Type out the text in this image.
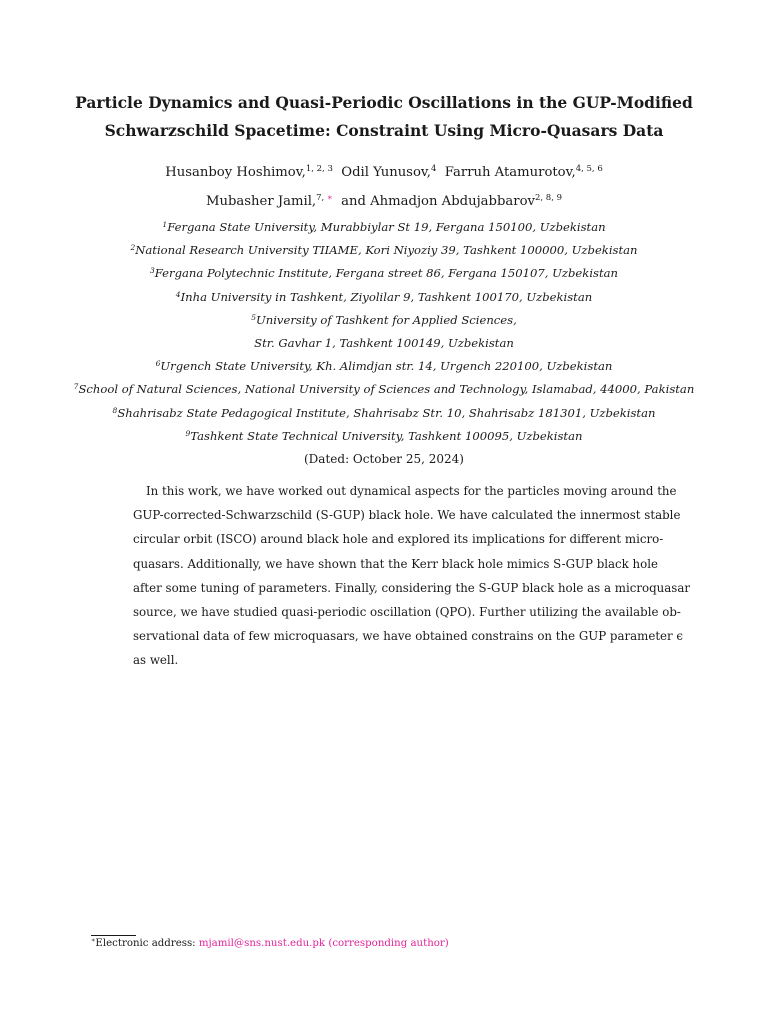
Particle Dynamics and Quasi-Periodic Oscillations in the GUP-Modified
Schwarzschild Spacetime: Constraint Using Micro-Quasars Data
Husanboy Hoshimov,$^{1, 2, 3}$ Odil Yunusov,$^4$ Farruh Atamurotov,$^{4, 5, 6}$
Mubasher Jamil,$^{7, ∗}$ and Ahmadjon Abdujabbarov$^{2, 8, 9}$
$^1$Fergana State University, Murabbiylar St 19, Fergana 150100, Uzbekistan
$^2$National Research University TIIAME, Kori Niyoziy 39, Tashkent 100000, Uzbekistan
$^3$Fergana Polytechnic Institute, Fergana street 86, Fergana 150107, Uzbekistan
$^4$Inha University in Tashkent, Ziyolilar 9, Tashkent 100170, Uzbekistan
$^5$University of Tashkent for Applied Sciences,
Str. Gavhar 1, Tashkent 100149, Uzbekistan
$^6$Urgench State University, Kh. Alimdjan str. 14, Urgench 220100, Uzbekistan
$^7$School of Natural Sciences, National University of Sciences and Technology, Islamabad, 44000, Pakistan
$^8$Shahrisabz State Pedagogical Institute, Shahrisabz Str. 10, Shahrisabz 181301, Uzbekistan
$^9$Tashkent State Technical University, Tashkent 100095, Uzbekistan
(Dated: October 25, 2024)
In this work, we have worked out dynamical aspects for the particles moving around the
GUP-corrected-Schwarzschild (S-GUP) black hole. We have calculated the innermost stable
circular orbit (ISCO) around black hole and explored its implications for different micro-
quasars. Additionally, we have shown that the Kerr black hole mimics S-GUP black hole
after some tuning of parameters. Finally, considering the S-GUP black hole as a microquasar
source, we have studied quasi-periodic oscillation (QPO). Further utilizing the available ob-
servational data of few microquasars, we have obtained constrains on the GUP parameter ϵ
as well.
∗Electronic address: mjamil@sns.nust.edu.pk (corresponding author)
